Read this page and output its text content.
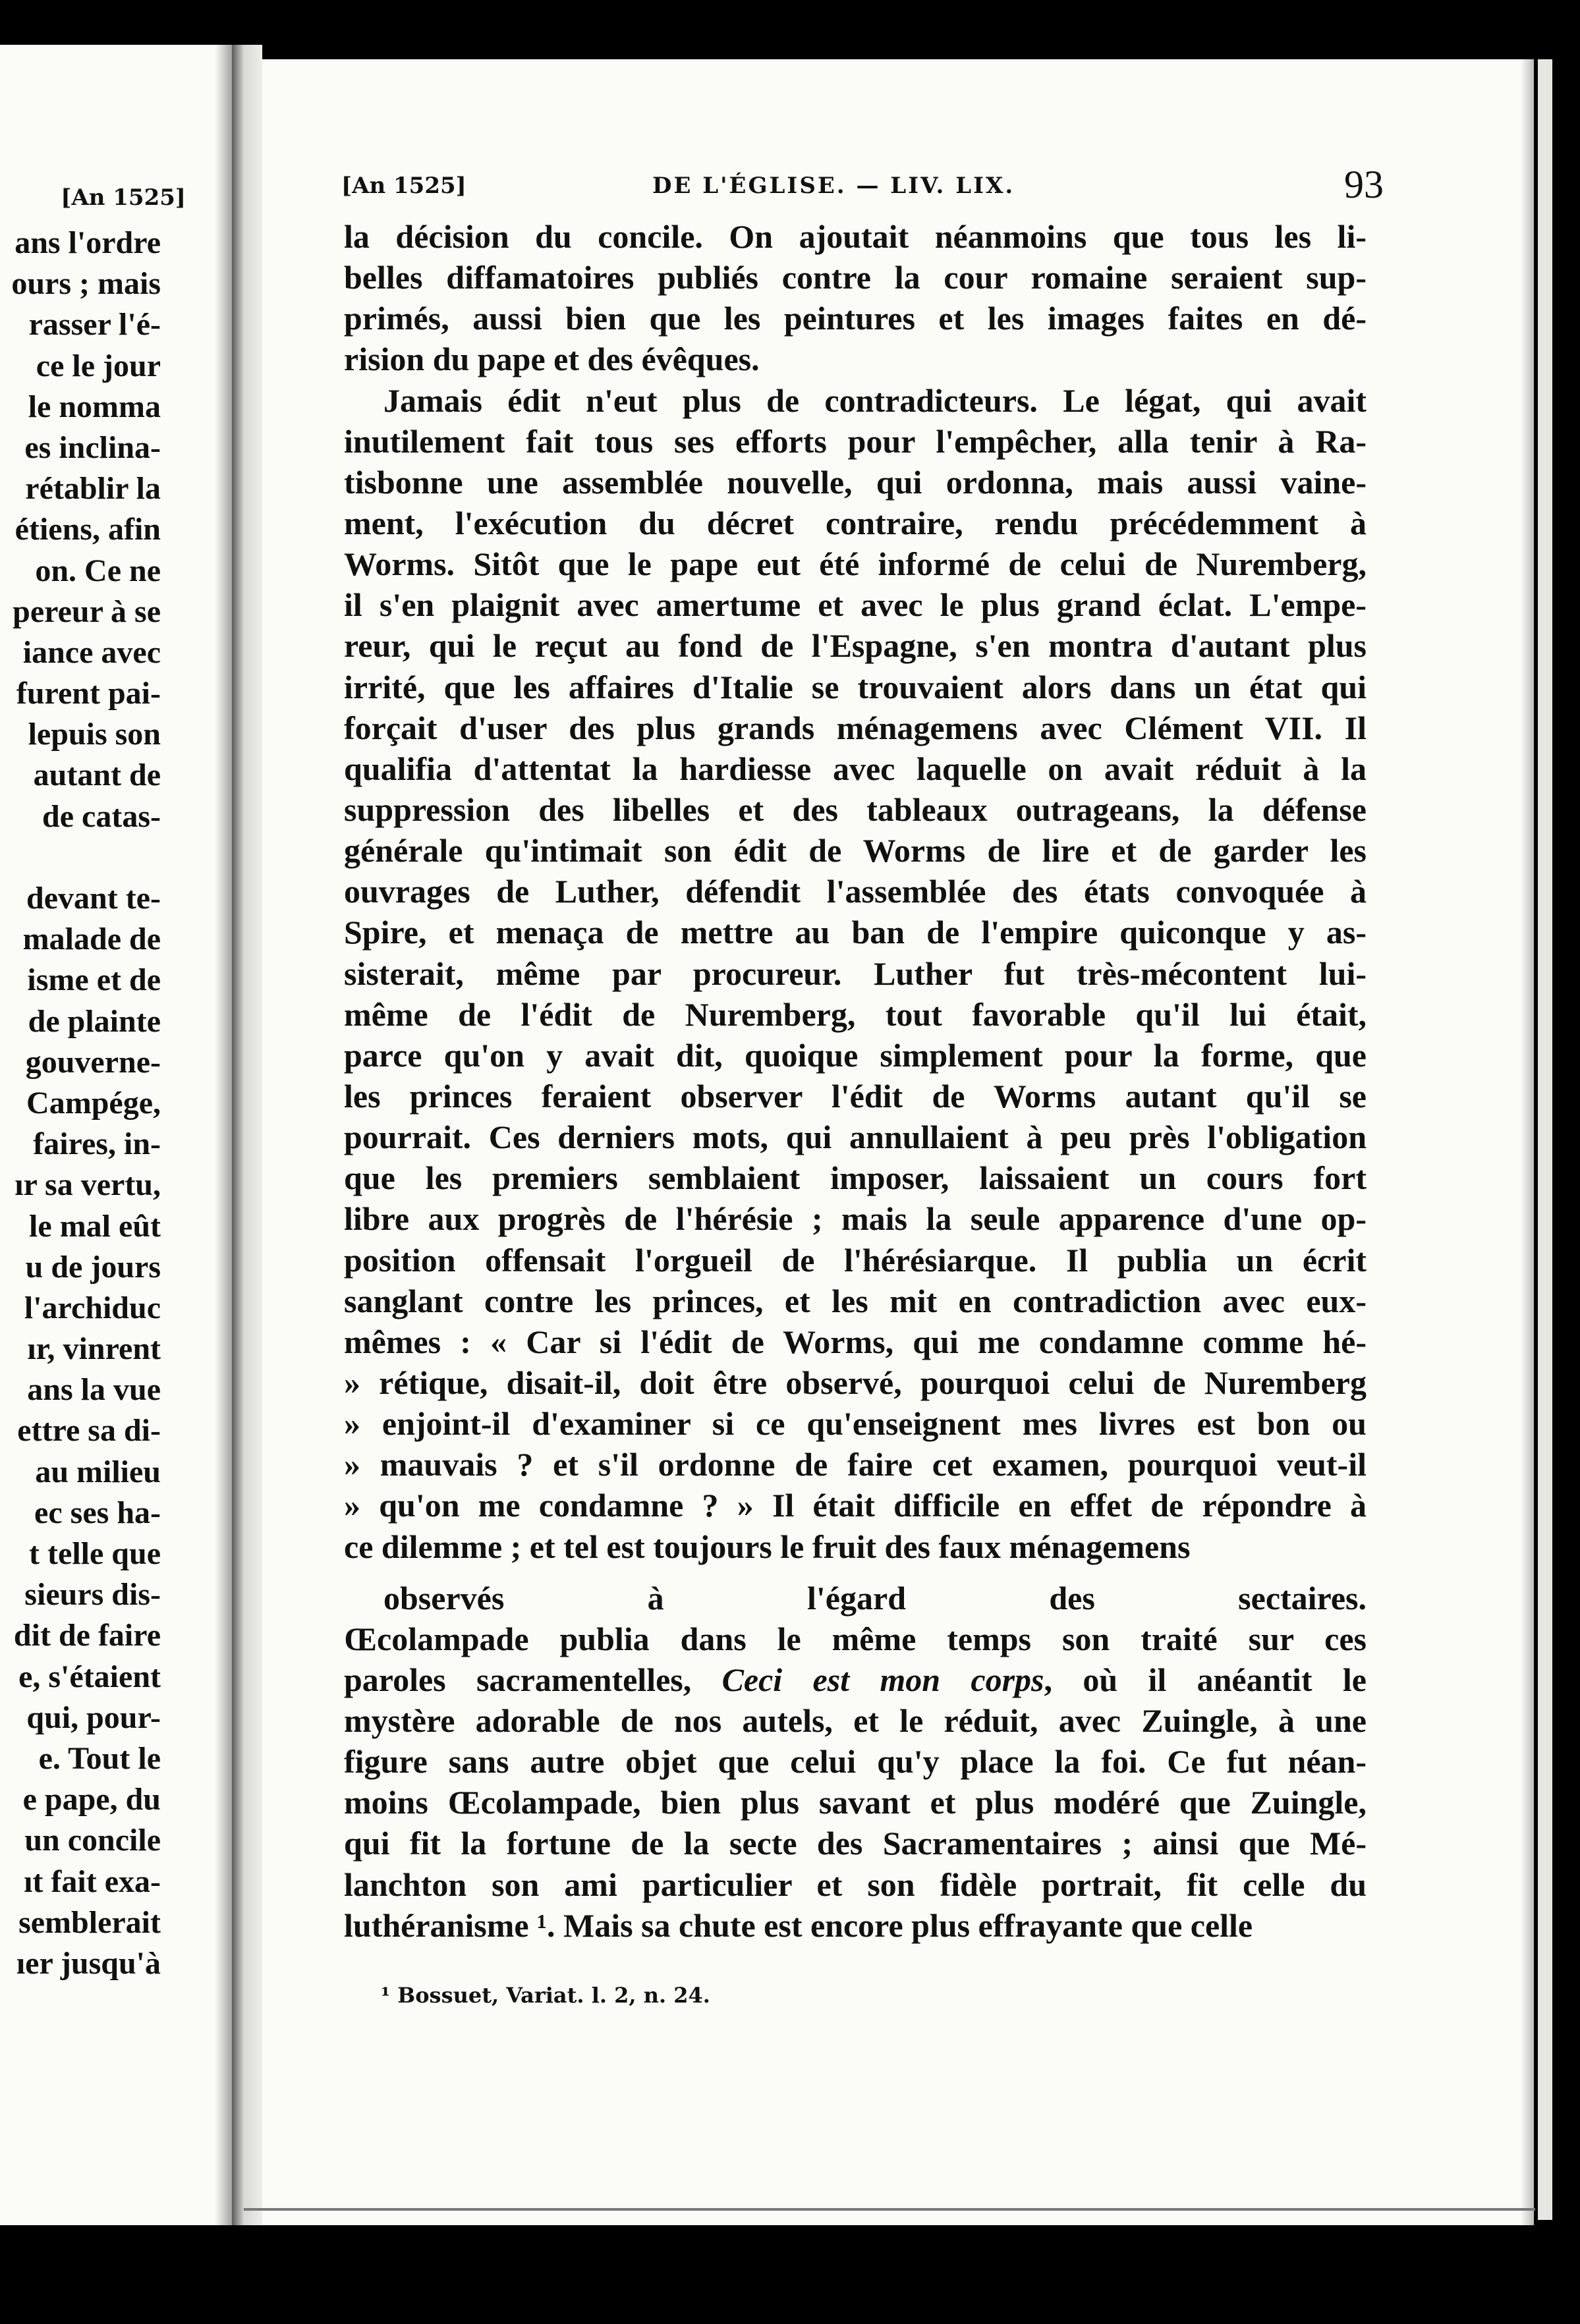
[An 1525]
ans l'ordre
ours ; mais
rasser l'é-
ce le jour
le nomma
es inclina-
rétablir la
étiens, afin
on. Ce ne
pereur à se
iance avec
furent pai-
lepuis son
autant de
de catas-
devant te-
malade de
isme et de
de plainte
gouverne-
Campége,
faires, in-
ır sa vertu,
le mal eût
u de jours
l'archiduc
ır, vinrent
ans la vue
ettre sa di-
au milieu
ec ses ha-
t telle que
sieurs dis-
dit de faire
e, s'étaient
qui, pour-
e. Tout le
e pape, du
un concile
ıt fait exa-
semblerait
ıer jusqu'à
[An 1525]	DE L'ÉGLISE. — LIV. LIX.	93
la décision du concile. On ajoutait néanmoins que tous les li-
belles diffamatoires publiés contre la cour romaine seraient sup-
primés, aussi bien que les peintures et les images faites en dé-
rision du pape et des évêques.
Jamais édit n'eut plus de contradicteurs. Le légat, qui avait
inutilement fait tous ses efforts pour l'empêcher, alla tenir à Ra-
tisbonne une assemblée nouvelle, qui ordonna, mais aussi vaine-
ment, l'exécution du décret contraire, rendu précédemment à
Worms. Sitôt que le pape eut été informé de celui de Nuremberg,
il s'en plaignit avec amertume et avec le plus grand éclat. L'empe-
reur, qui le reçut au fond de l'Espagne, s'en montra d'autant plus
irrité, que les affaires d'Italie se trouvaient alors dans un état qui
forçait d'user des plus grands ménagemens avec Clément VII. Il
qualifia d'attentat la hardiesse avec laquelle on avait réduit à la
suppression des libelles et des tableaux outrageans, la défense
générale qu'intimait son édit de Worms de lire et de garder les
ouvrages de Luther, défendit l'assemblée des états convoquée à
Spire, et menaça de mettre au ban de l'empire quiconque y as-
sisterait, même par procureur. Luther fut très-mécontent lui-
même de l'édit de Nuremberg, tout favorable qu'il lui était,
parce qu'on y avait dit, quoique simplement pour la forme, que
les princes feraient observer l'édit de Worms autant qu'il se
pourrait. Ces derniers mots, qui annullaient à peu près l'obligation
que les premiers semblaient imposer, laissaient un cours fort
libre aux progrès de l'hérésie ; mais la seule apparence d'une op-
position offensait l'orgueil de l'hérésiarque. Il publia un écrit
sanglant contre les princes, et les mit en contradiction avec eux-
mêmes : « Car si l'édit de Worms, qui me condamne comme hé-
» rétique, disait-il, doit être observé, pourquoi celui de Nuremberg
» enjoint-il d'examiner si ce qu'enseignent mes livres est bon ou
» mauvais ? et s'il ordonne de faire cet examen, pourquoi veut-il
» qu'on me condamne ? » Il était difficile en effet de répondre à
ce dilemme ; et tel est toujours le fruit des faux ménagemens
observés à l'égard des sectaires.
Œcolampade publia dans le même temps son traité sur ces
paroles sacramentelles, Ceci est mon corps, où il anéantit le
mystère adorable de nos autels, et le réduit, avec Zuingle, à une
figure sans autre objet que celui qu'y place la foi. Ce fut néan-
moins Œcolampade, bien plus savant et plus modéré que Zuingle,
qui fit la fortune de la secte des Sacramentaires ; ainsi que Mé-
lanchton son ami particulier et son fidèle portrait, fit celle du
luthéranisme ¹. Mais sa chute est encore plus effrayante que celle
¹ Bossuet, Variat. l. 2, n. 24.
